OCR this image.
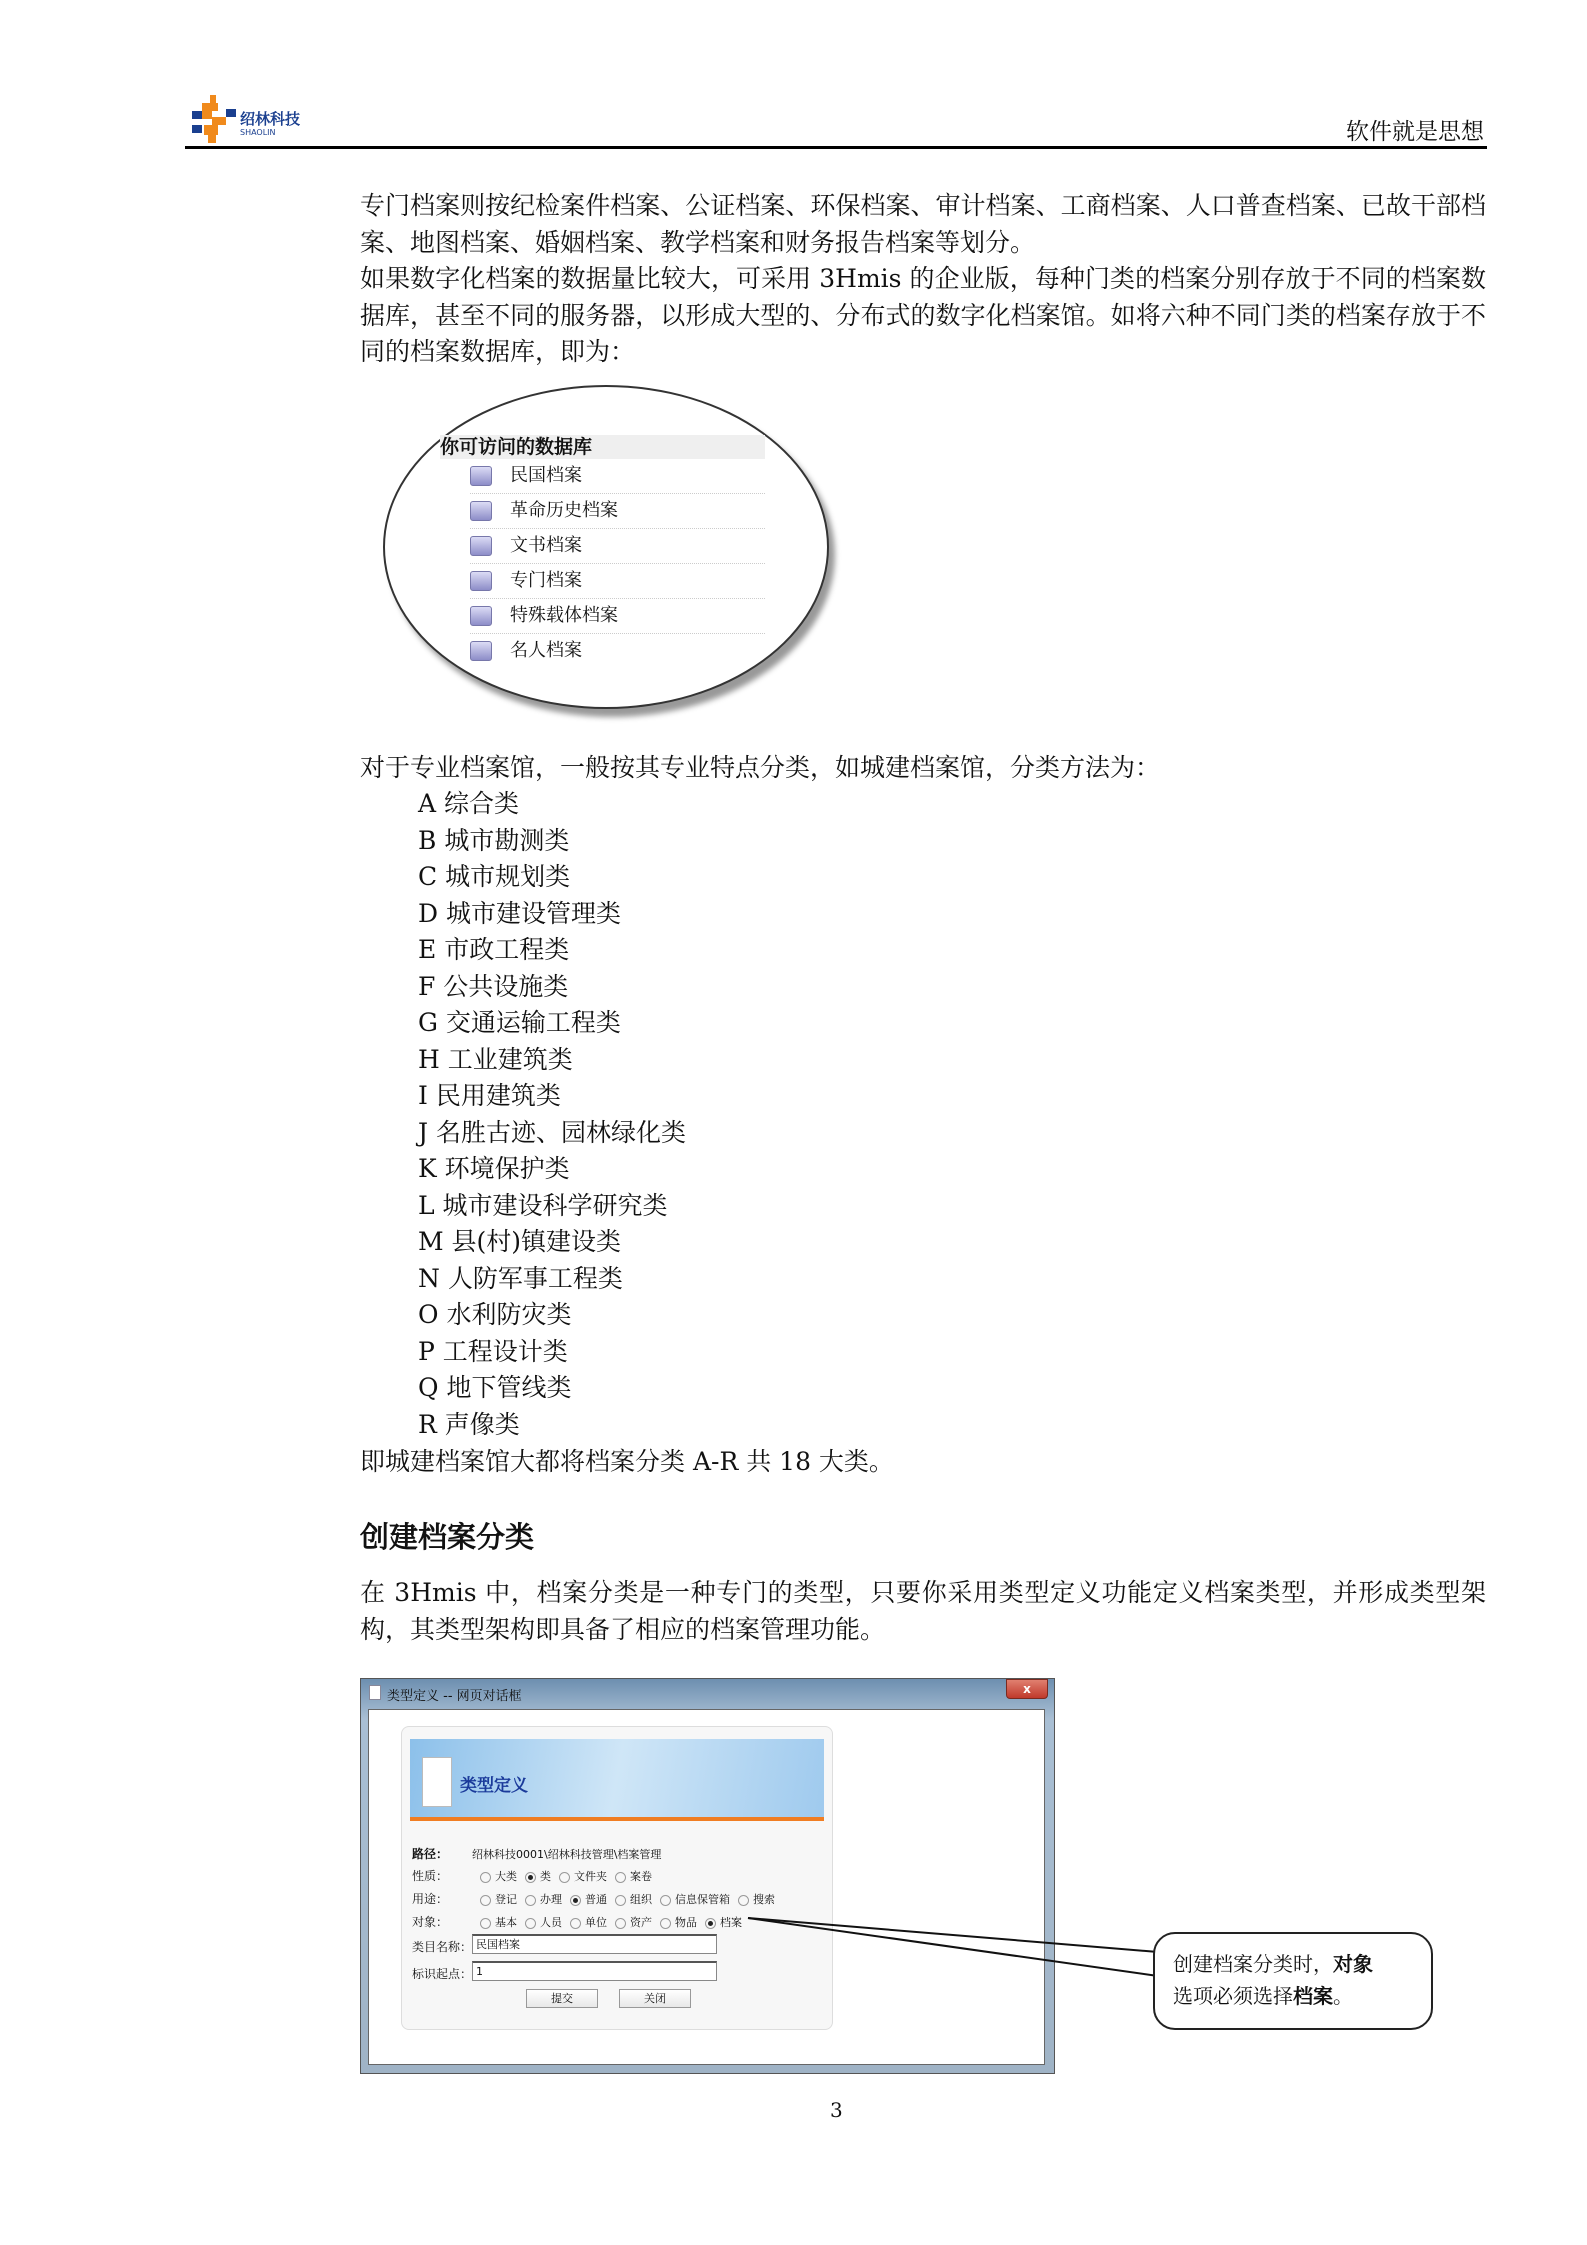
绍林科技
SHAOLIN	软件就是思想
专门档案则按纪检案件档案、公证档案、环保档案、审计档案、工商档案、人口普查档案、已故干部档案、地图档案、婚姻档案、教学档案和财务报告档案等划分。
如果数字化档案的数据量比较大，可采用 3Hmis 的企业版，每种门类的档案分别存放于不同的档案数据库，甚至不同的服务器，以形成大型的、分布式的数字化档案馆。如将六种不同门类的档案存放于不同的档案数据库，即为：
你可访问的数据库
民国档案
革命历史档案
文书档案
专门档案
特殊载体档案
名人档案
对于专业档案馆，一般按其专业特点分类，如城建档案馆，分类方法为：
A 综合类
B 城市勘测类
C 城市规划类
D 城市建设管理类
E 市政工程类
F 公共设施类
G 交通运输工程类
H 工业建筑类
I 民用建筑类
J 名胜古迹、园林绿化类
K 环境保护类
L 城市建设科学研究类
M 县(村)镇建设类
N 人防军事工程类
O 水利防灾类
P 工程设计类
Q 地下管线类
R 声像类
即城建档案馆大都将档案分类 A-R 共 18 大类。
创建档案分类
在 3Hmis 中，档案分类是一种专门的类型，只要你采用类型定义功能定义档案类型，并形成类型架构，其类型架构即具备了相应的档案管理功能。
类型定义 -- 网页对话框	x
类型定义
路径： 绍林科技0001\绍林科技管理\档案管理
性质：	大类 类 文件夹 案卷
用途：	登记 办理 普通 组织 信息保管箱 搜索
对象：	基本 人员 单位 资产 物品 档案
类目名称： 民国档案
标识起点： 1
提交	关闭
创建档案分类时，对象
选项必须选择档案。
3
